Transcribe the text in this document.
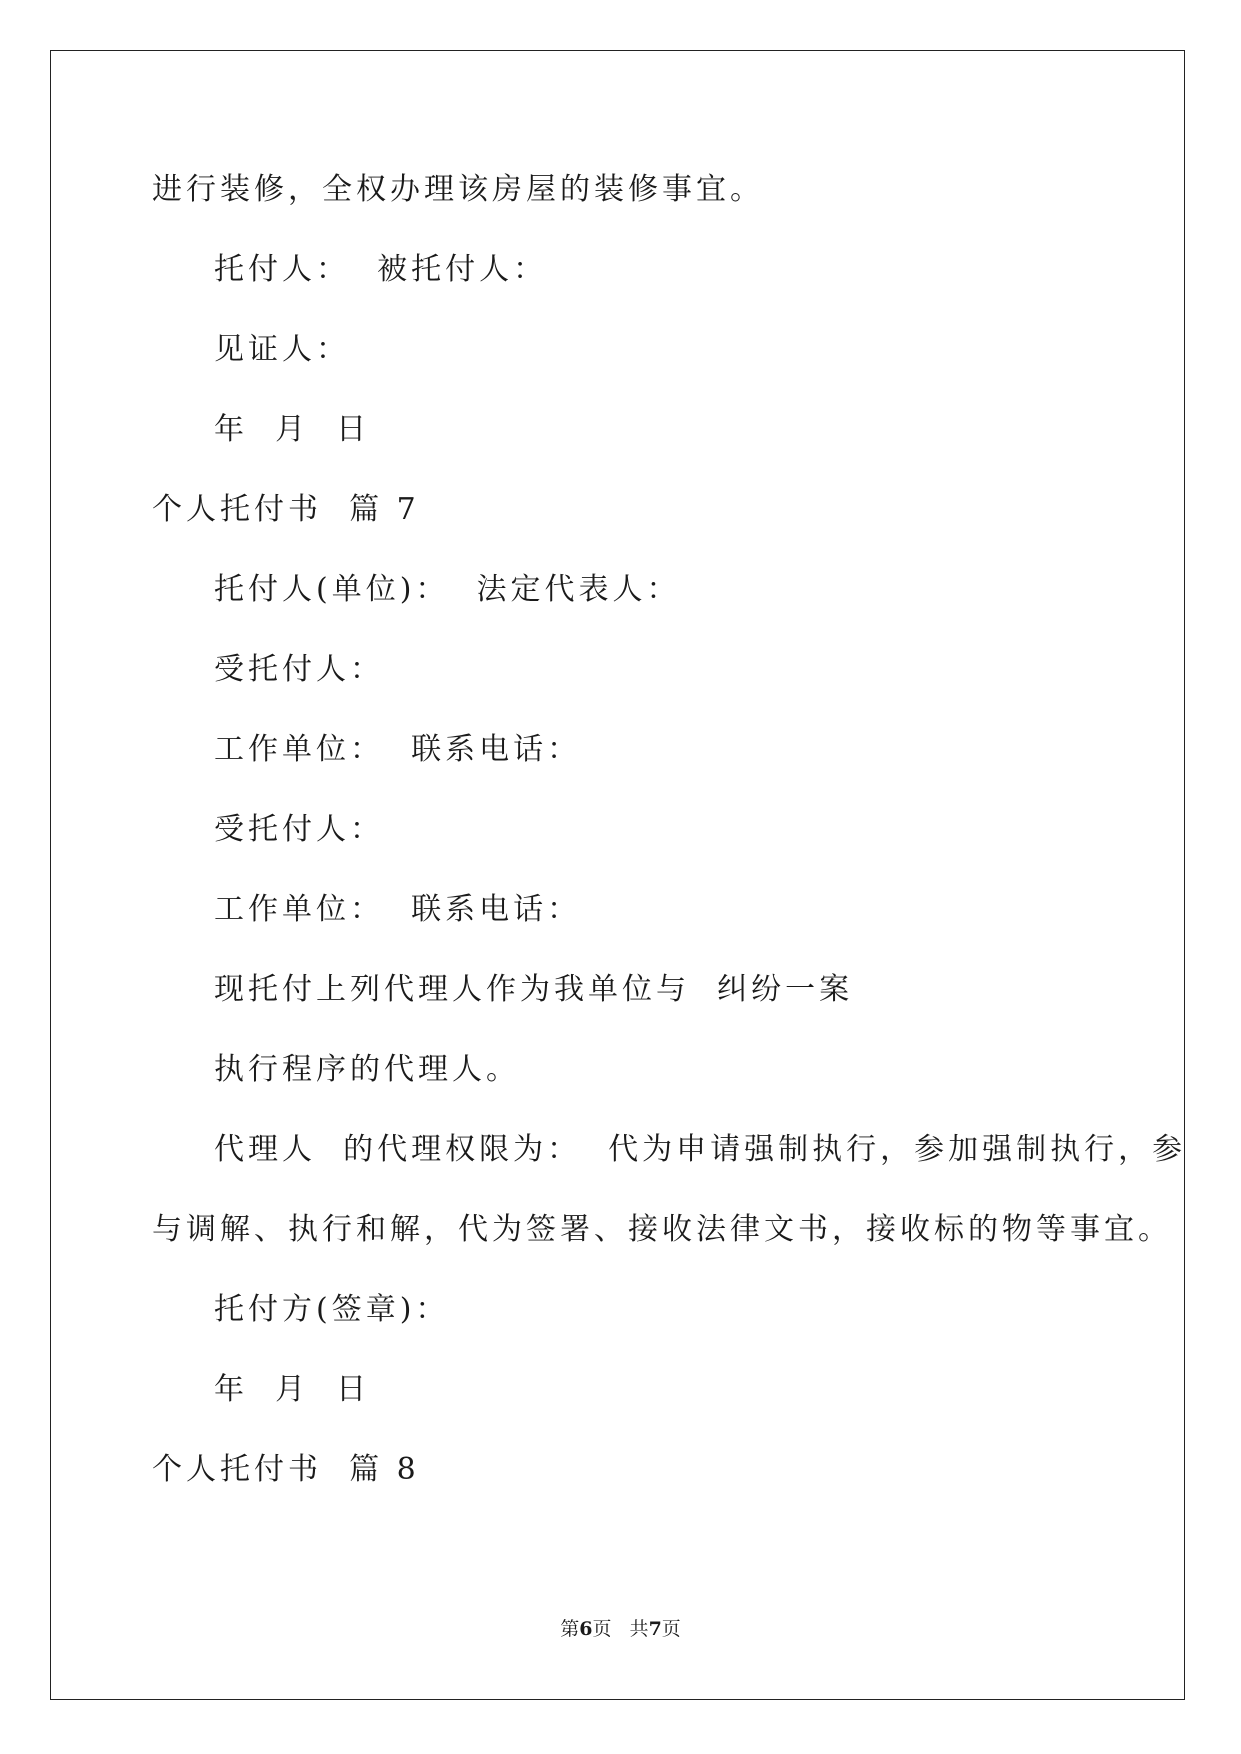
进行装修，全权办理该房屋的装修事宜。
托付人：  被托付人：
见证人：
年  月  日
个人托付书  篇 7
托付人(单位)：  法定代表人：
受托付人：
工作单位：  联系电话：
受托付人：
工作单位：  联系电话：
现托付上列代理人作为我单位与  纠纷一案
执行程序的代理人。
代理人  的代理权限为：  代为申请强制执行，参加强制执行，参
与调解、执行和解，代为签署、接收法律文书，接收标的物等事宜。
托付方(签章)：
年  月  日
个人托付书  篇 8
第6页   共7页
